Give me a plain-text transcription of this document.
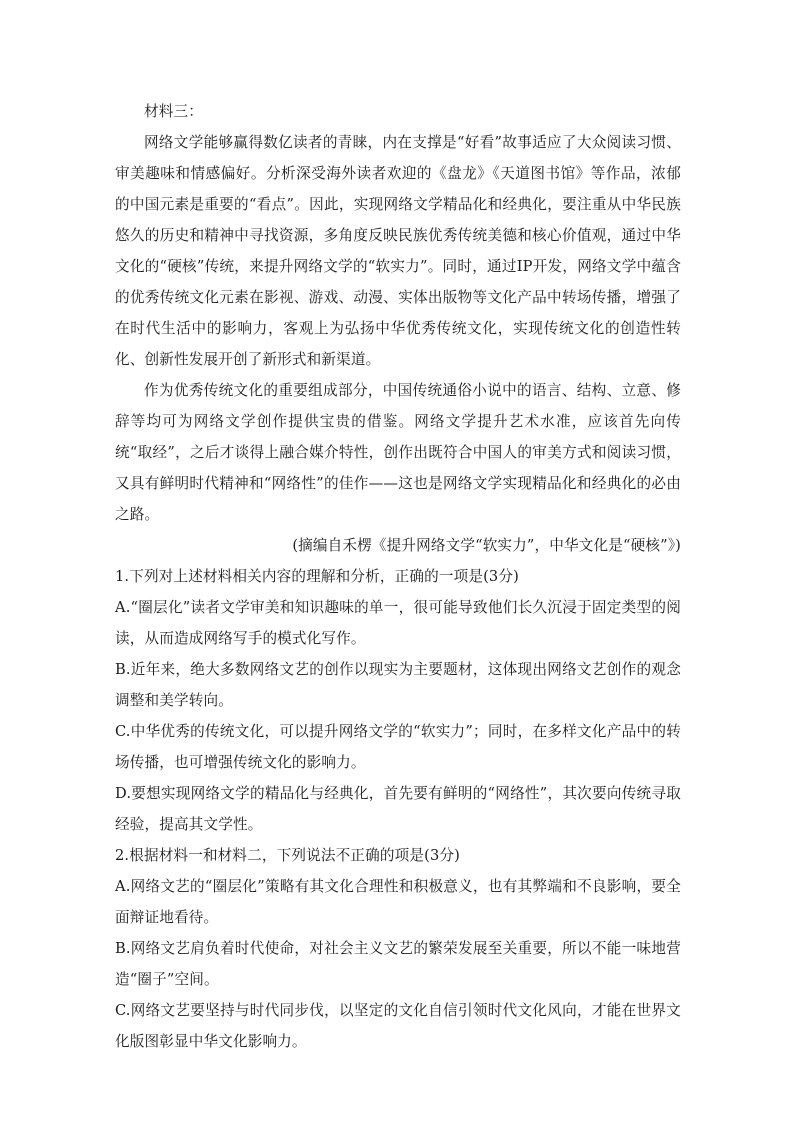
材料三：

网络文学能够赢得数亿读者的青睐，内在支撑是“好看”故事适应了大众阅读习惯、审美趣味和情感偏好。分析深受海外读者欢迎的《盘龙》《天道图书馆》等作品，浓郁的中国元素是重要的“看点”。因此，实现网络文学精品化和经典化，要注重从中华民族悠久的历史和精神中寻找资源，多角度反映民族优秀传统美德和核心价值观，通过中华文化的“硬核”传统，来提升网络文学的“软实力”。同时，通过IP开发，网络文学中蕴含的优秀传统文化元素在影视、游戏、动漫、实体出版物等文化产品中转场传播，增强了在时代生活中的影响力，客观上为弘扬中华优秀传统文化，实现传统文化的创造性转化、创新性发展开创了新形式和新渠道。

作为优秀传统文化的重要组成部分，中国传统通俗小说中的语言、结构、立意、修辞等均可为网络文学创作提供宝贵的借鉴。网络文学提升艺术水准，应该首先向传统“取经”，之后才谈得上融合媒介特性，创作出既符合中国人的审美方式和阅读习惯，又具有鲜明时代精神和“网络性”的佳作——这也是网络文学实现精品化和经典化的必由之路。

(摘编自禾楞《提升网络文学“软实力”，中华文化是“硬核”》)

1.下列对上述材料相关内容的理解和分析，正确的一项是(3分)

A.“圈层化”读者文学审美和知识趣味的单一，很可能导致他们长久沉浸于固定类型的阅读，从而造成网络写手的模式化写作。

B.近年来，绝大多数网络文艺的创作以现实为主要题材，这体现出网络文艺创作的观念调整和美学转向。

C.中华优秀的传统文化，可以提升网络文学的“软实力”；同时，在多样文化产品中的转场传播，也可增强传统文化的影响力。

D.要想实现网络文学的精品化与经典化，首先要有鲜明的“网络性”，其次要向传统寻取经验，提高其文学性。

2.根据材料一和材料二，下列说法不正确的项是(3分)

A.网络文艺的“圈层化”策略有其文化合理性和积极意义，也有其弊端和不良影响，要全面辩证地看待。

B.网络文艺肩负着时代使命，对社会主义文艺的繁荣发展至关重要，所以不能一味地营造“圈子”空间。

C.网络文艺要坚持与时代同步伐，以坚定的文化自信引领时代文化风向，才能在世界文化版图彰显中华文化影响力。
